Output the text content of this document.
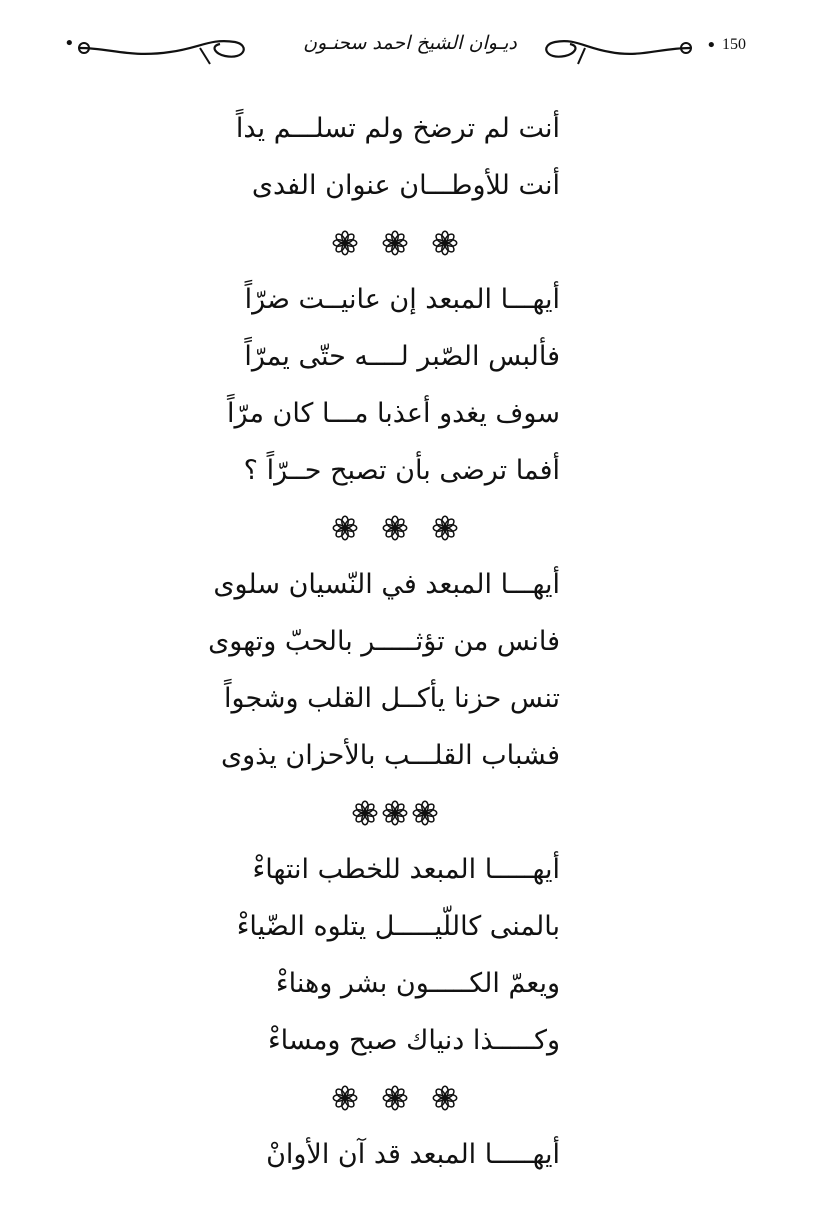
•	ديـوان الشيخ احمد سحنـون	• 150
أنت لم ترضخ ولم تسلـــم يداً
أنت للأوطـــان عنوان الفدى
أيهـــا المبعد إن عانيــت ضرّاً
فألبس الصّبر لــــه حتّى يمرّاً
سوف يغدو أعذبا مـــا كان مرّاً
أفما ترضى بأن تصبح حــرّاً ؟
أيهـــا المبعد في النّسيان سلوى
فانس من تؤثـــــر بالحبّ وتهوى
تنس حزنا يأكــل القلب وشجواً
فشباب القلـــب بالأحزان يذوى
أيهـــــا المبعد للخطب انتهاءْ
بالمنى كاللّيـــــل يتلوه الضّياءْ
ويعمّ الكـــــون بشر وهناءْ
وكـــــذا دنياك صبح ومساءْ
أيهـــــا المبعد قد آن الأوانْ
